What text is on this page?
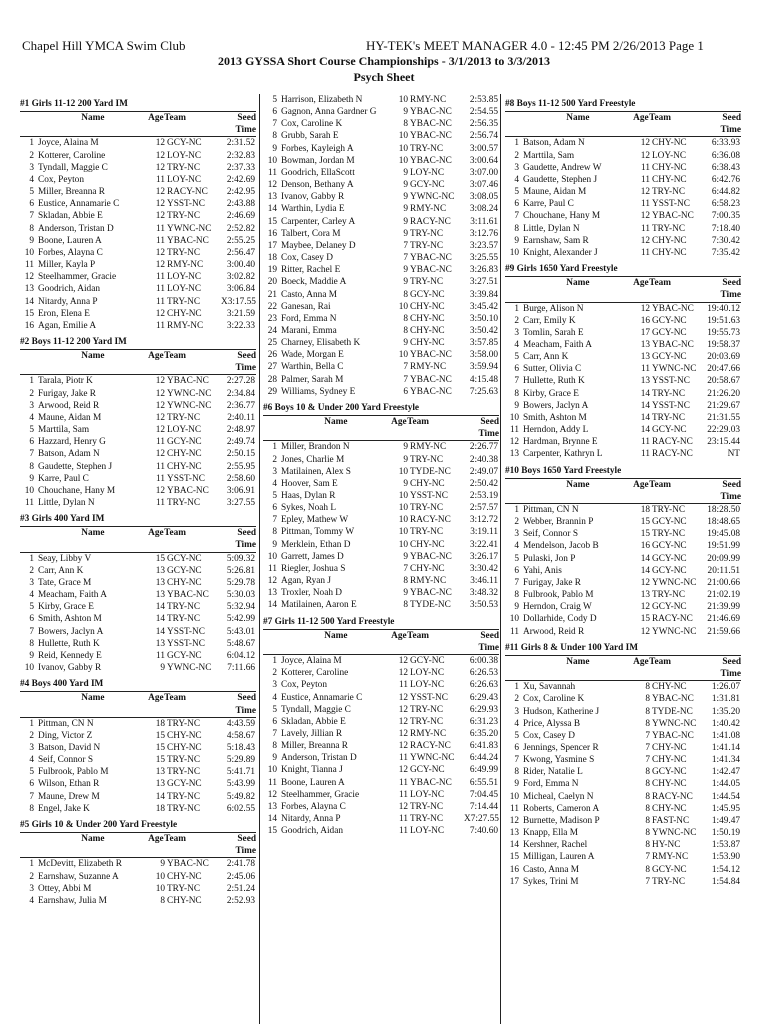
Chapel Hill YMCA Swim Club	HY-TEK's MEET MANAGER 4.0 - 12:45 PM 2/26/2013 Page 1
2013 GYSSA Short Course Championships - 3/1/2013 to 3/3/2013
Psych Sheet
#1 Girls 11-12 200 Yard IM
Name	Age Team	Seed Time
1 Joyce, Alaina M	12 GCY-NC	2:31.52
2 Kotterer, Caroline	12 LOY-NC	2:32.83
3 Tyndall, Maggie C	12 TRY-NC	2:37.33
4 Cox, Peyton	11 LOY-NC	2:42.69
5 Miller, Breanna R	12 RACY-NC	2:42.95
6 Eustice, Annamarie C	12 YSST-NC	2:43.88
7 Skladan, Abbie E	12 TRY-NC	2:46.69
8 Anderson, Tristan D	11 YWNC-NC	2:52.82
9 Boone, Lauren A	11 YBAC-NC	2:55.25
10 Forbes, Alayna C	12 TRY-NC	2:56.47
11 Miller, Kayla P	12 RMY-NC	3:00.40
12 Steelhammer, Gracie	11 LOY-NC	3:02.82
13 Goodrich, Aidan	11 LOY-NC	3:06.84
14 Nitardy, Anna P	11 TRY-NC	X3:17.55
15 Eron, Elena E	12 CHY-NC	3:21.59
16 Agan, Emilie A	11 RMY-NC	3:22.33
#2 Boys 11-12 200 Yard IM
Name	Age Team	Seed Time
1 Tarala, Piotr K	12 YBAC-NC	2:27.28
2 Furigay, Jake R	12 YWNC-NC	2:34.84
3 Arwood, Reid R	12 YWNC-NC	2:36.77
4 Maune, Aidan M	12 TRY-NC	2:40.11
5 Marttila, Sam	12 LOY-NC	2:48.97
6 Hazzard, Henry G	11 GCY-NC	2:49.74
7 Batson, Adam N	12 CHY-NC	2:50.15
8 Gaudette, Stephen J	11 CHY-NC	2:55.95
9 Karre, Paul C	11 YSST-NC	2:58.60
10 Chouchane, Hany M	12 YBAC-NC	3:06.91
11 Little, Dylan N	11 TRY-NC	3:27.55
#3 Girls 400 Yard IM
Name	Age Team	Seed Time
1 Seay, Libby V	15 GCY-NC	5:09.32
2 Carr, Ann K	13 GCY-NC	5:26.81
3 Tate, Grace M	13 CHY-NC	5:29.78
4 Meacham, Faith A	13 YBAC-NC	5:30.03
5 Kirby, Grace E	14 TRY-NC	5:32.94
6 Smith, Ashton M	14 TRY-NC	5:42.99
7 Bowers, Jaclyn A	14 YSST-NC	5:43.01
8 Hullette, Ruth K	13 YSST-NC	5:48.67
9 Reid, Kennedy E	11 GCY-NC	6:04.12
10 Ivanov, Gabby R	9 YWNC-NC	7:11.66
#4 Boys 400 Yard IM
Name	Age Team	Seed Time
1 Pittman, CN N	18 TRY-NC	4:43.59
2 Ding, Victor Z	15 CHY-NC	4:58.67
3 Batson, David N	15 CHY-NC	5:18.43
4 Seif, Connor S	15 TRY-NC	5:29.89
5 Fulbrook, Pablo M	13 TRY-NC	5:41.71
6 Wilson, Ethan R	13 GCY-NC	5:43.99
7 Maune, Drew M	14 TRY-NC	5:49.82
8 Engel, Jake K	18 TRY-NC	6:02.55
#5 Girls 10 & Under 200 Yard Freestyle
Name	Age Team	Seed Time
1 McDevitt, Elizabeth R	9 YBAC-NC	2:41.78
2 Earnshaw, Suzanne A	10 CHY-NC	2:45.06
3 Ottey, Abbi M	10 TRY-NC	2:51.24
4 Earnshaw, Julia M	8 CHY-NC	2:52.93
5 Harrison, Elizabeth N	10 RMY-NC	2:53.85
6 Gagnon, Anna Gardner G	9 YBAC-NC	2:54.55
7 Cox, Caroline K	8 YBAC-NC	2:56.35
8 Grubb, Sarah E	10 YBAC-NC	2:56.74
9 Forbes, Kayleigh A	10 TRY-NC	3:00.57
10 Bowman, Jordan M	10 YBAC-NC	3:00.64
11 Goodrich, EllaScott	9 LOY-NC	3:07.00
12 Denson, Bethany A	9 GCY-NC	3:07.46
13 Ivanov, Gabby R	9 YWNC-NC	3:08.05
14 Warthin, Lydia E	9 RMY-NC	3:08.24
15 Carpenter, Carley A	9 RACY-NC	3:11.61
16 Talbert, Cora M	9 TRY-NC	3:12.76
17 Maybee, Delaney D	7 TRY-NC	3:23.57
18 Cox, Casey D	7 YBAC-NC	3:25.55
19 Ritter, Rachel E	9 YBAC-NC	3:26.83
20 Boeck, Maddie A	9 TRY-NC	3:27.51
21 Casto, Anna M	8 GCY-NC	3:39.84
22 Ganesan, Rai	10 CHY-NC	3:45.42
23 Ford, Emma N	8 CHY-NC	3:50.10
24 Marani, Emma	8 CHY-NC	3:50.42
25 Charney, Elisabeth K	9 CHY-NC	3:57.85
26 Wade, Morgan E	10 YBAC-NC	3:58.00
27 Warthin, Bella C	7 RMY-NC	3:59.94
28 Palmer, Sarah M	7 YBAC-NC	4:15.48
29 Williams, Sydney E	6 YBAC-NC	7:25.63
#6 Boys 10 & Under 200 Yard Freestyle
Name	Age Team	Seed Time
1 Miller, Brandon N	9 RMY-NC	2:26.77
2 Jones, Charlie M	9 TRY-NC	2:40.38
3 Matilainen, Alex S	10 TYDE-NC	2:49.07
4 Hoover, Sam E	9 CHY-NC	2:50.42
5 Haas, Dylan R	10 YSST-NC	2:53.19
6 Sykes, Noah L	10 TRY-NC	2:57.57
7 Epley, Mathew W	10 RACY-NC	3:12.72
8 Pittman, Tommy W	10 TRY-NC	3:19.11
9 Merklein, Ethan D	10 CHY-NC	3:22.41
10 Garrett, James D	9 YBAC-NC	3:26.17
11 Riegler, Joshua S	7 CHY-NC	3:30.42
12 Agan, Ryan J	8 RMY-NC	3:46.11
13 Troxler, Noah D	9 YBAC-NC	3:48.32
14 Matilainen, Aaron E	8 TYDE-NC	3:50.53
#7 Girls 11-12 500 Yard Freestyle
Name	Age Team	Seed Time
1 Joyce, Alaina M	12 GCY-NC	6:00.38
2 Kotterer, Caroline	12 LOY-NC	6:26.53
3 Cox, Peyton	11 LOY-NC	6:26.63
4 Eustice, Annamarie C	12 YSST-NC	6:29.43
5 Tyndall, Maggie C	12 TRY-NC	6:29.93
6 Skladan, Abbie E	12 TRY-NC	6:31.23
7 Lavely, Jillian R	12 RMY-NC	6:35.20
8 Miller, Breanna R	12 RACY-NC	6:41.83
9 Anderson, Tristan D	11 YWNC-NC	6:44.24
10 Knight, Tianna J	12 GCY-NC	6:49.99
11 Boone, Lauren A	11 YBAC-NC	6:55.51
12 Steelhammer, Gracie	11 LOY-NC	7:04.45
13 Forbes, Alayna C	12 TRY-NC	7:14.44
14 Nitardy, Anna P	11 TRY-NC	X7:27.55
15 Goodrich, Aidan	11 LOY-NC	7:40.60
#8 Boys 11-12 500 Yard Freestyle
Name	Age Team	Seed Time
1 Batson, Adam N	12 CHY-NC	6:33.93
2 Marttila, Sam	12 LOY-NC	6:36.08
3 Gaudette, Andrew W	11 CHY-NC	6:38.43
4 Gaudette, Stephen J	11 CHY-NC	6:42.76
5 Maune, Aidan M	12 TRY-NC	6:44.82
6 Karre, Paul C	11 YSST-NC	6:58.23
7 Chouchane, Hany M	12 YBAC-NC	7:00.35
8 Little, Dylan N	11 TRY-NC	7:18.40
9 Earnshaw, Sam R	12 CHY-NC	7:30.42
10 Knight, Alexander J	11 CHY-NC	7:35.42
#9 Girls 1650 Yard Freestyle
Name	Age Team	Seed Time
1 Burge, Alison N	12 YBAC-NC	19:40.12
2 Carr, Emily K	16 GCY-NC	19:51.63
3 Tomlin, Sarah E	17 GCY-NC	19:55.73
4 Meacham, Faith A	13 YBAC-NC	19:58.37
5 Carr, Ann K	13 GCY-NC	20:03.69
6 Sutter, Olivia C	11 YWNC-NC	20:47.66
7 Hullette, Ruth K	13 YSST-NC	20:58.67
8 Kirby, Grace E	14 TRY-NC	21:26.20
9 Bowers, Jaclyn A	14 YSST-NC	21:29.67
10 Smith, Ashton M	14 TRY-NC	21:31.55
11 Herndon, Addy L	14 GCY-NC	22:29.03
12 Hardman, Brynne E	11 RACY-NC	23:15.44
13 Carpenter, Kathryn L	11 RACY-NC	NT
#10 Boys 1650 Yard Freestyle
Name	Age Team	Seed Time
1 Pittman, CN N	18 TRY-NC	18:28.50
2 Webber, Brannin P	15 GCY-NC	18:48.65
3 Seif, Connor S	15 TRY-NC	19:45.08
4 Mendelson, Jacob B	16 GCY-NC	19:51.99
5 Pulaski, Jon P	14 GCY-NC	20:09.99
6 Yahi, Anis	14 GCY-NC	20:11.51
7 Furigay, Jake R	12 YWNC-NC	21:00.66
8 Fulbrook, Pablo M	13 TRY-NC	21:02.19
9 Herndon, Craig W	12 GCY-NC	21:39.99
10 Dollarhide, Cody D	15 RACY-NC	21:46.69
11 Arwood, Reid R	12 YWNC-NC	21:59.66
#11 Girls 8 & Under 100 Yard IM
Name	Age Team	Seed Time
1 Xu, Savannah	8 CHY-NC	1:26.07
2 Cox, Caroline K	8 YBAC-NC	1:31.81
3 Hudson, Katherine J	8 TYDE-NC	1:35.20
4 Price, Alyssa B	8 YWNC-NC	1:40.42
5 Cox, Casey D	7 YBAC-NC	1:41.08
6 Jennings, Spencer R	7 CHY-NC	1:41.14
7 Kwong, Yasmine S	7 CHY-NC	1:41.34
8 Rider, Natalie L	8 GCY-NC	1:42.47
9 Ford, Emma N	8 CHY-NC	1:44.05
10 Micheal, Caelyn N	8 RACY-NC	1:44.54
11 Roberts, Cameron A	8 CHY-NC	1:45.95
12 Burnette, Madison P	8 FAST-NC	1:49.47
13 Knapp, Ella M	8 YWNC-NC	1:50.19
14 Kershner, Rachel	8 HY-NC	1:53.87
15 Milligan, Lauren A	7 RMY-NC	1:53.90
16 Casto, Anna M	8 GCY-NC	1:54.12
17 Sykes, Trini M	7 TRY-NC	1:54.84
